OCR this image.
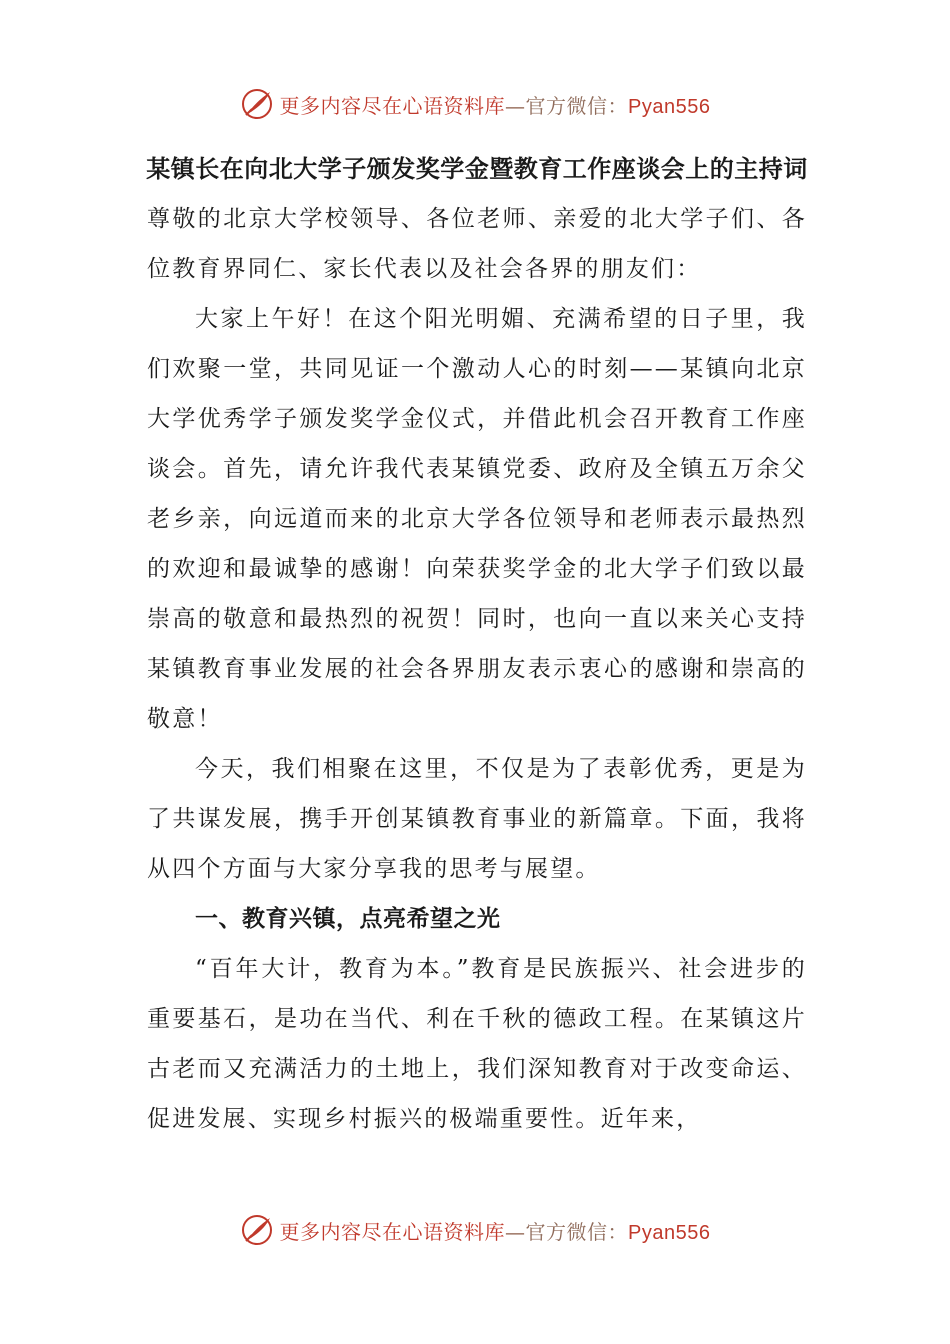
更多内容尽在心语资料库—官方微信：Pyan556
某镇长在向北大学子颁发奖学金暨教育工作座谈会上的主持词

尊敬的北京大学校领导、各位老师、亲爱的北大学子们、各位教育界同仁、家长代表以及社会各界的朋友们：

大家上午好！在这个阳光明媚、充满希望的日子里，我们欢聚一堂，共同见证一个激动人心的时刻——某镇向北京大学优秀学子颁发奖学金仪式，并借此机会召开教育工作座谈会。首先，请允许我代表某镇党委、政府及全镇五万余父老乡亲，向远道而来的北京大学各位领导和老师表示最热烈的欢迎和最诚挚的感谢！向荣获奖学金的北大学子们致以最崇高的敬意和最热烈的祝贺！同时，也向一直以来关心支持某镇教育事业发展的社会各界朋友表示衷心的感谢和崇高的敬意！

今天，我们相聚在这里，不仅是为了表彰优秀，更是为了共谋发展，携手开创某镇教育事业的新篇章。下面，我将从四个方面与大家分享我的思考与展望。

一、教育兴镇，点亮希望之光

“百年大计，教育为本。”教育是民族振兴、社会进步的重要基石，是功在当代、利在千秋的德政工程。在某镇这片古老而又充满活力的土地上，我们深知教育对于改变命运、促进发展、实现乡村振兴的极端重要性。近年来，

更多内容尽在心语资料库—官方微信：Pyan556
